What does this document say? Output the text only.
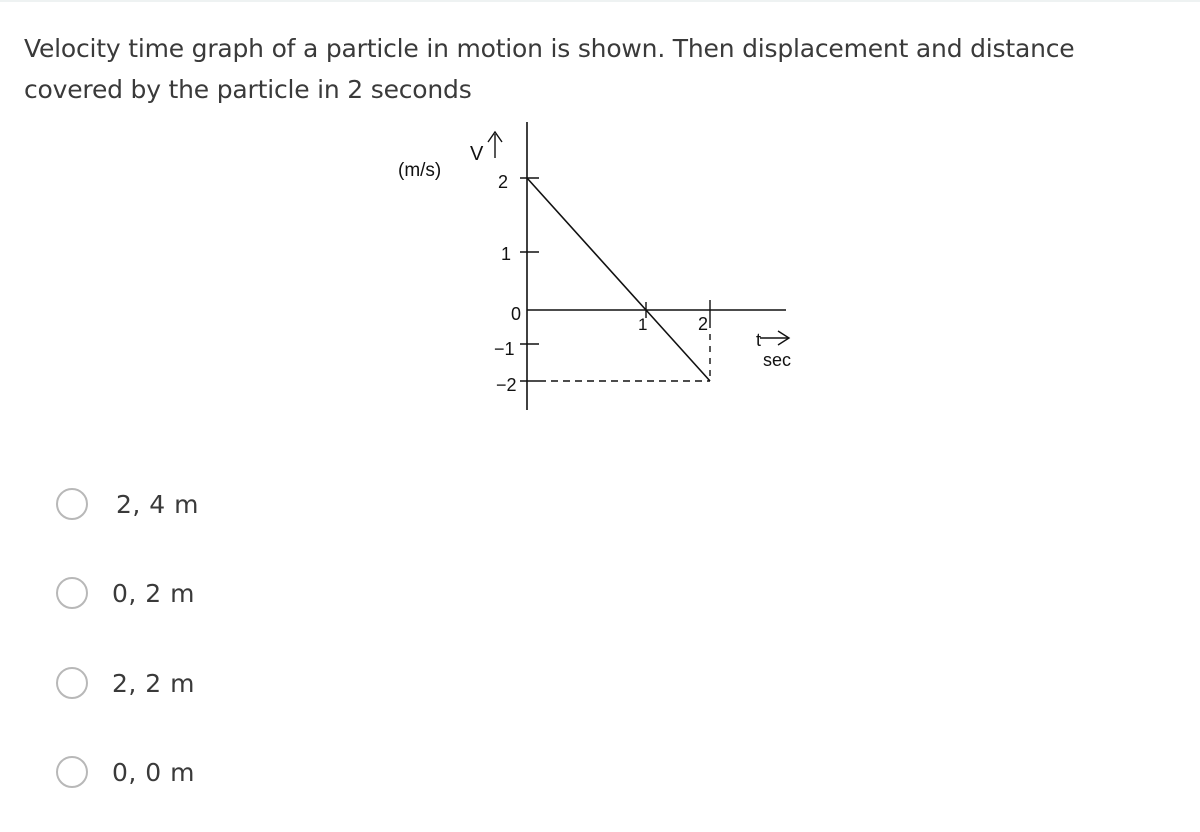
Velocity time graph of a particle in motion is shown. Then displacement and distance covered by the particle in 2 seconds
V
(m/s)
2
1
0
−1
−2
1	2
t
sec
2, 4 m
0, 2 m
2, 2 m
0, 0 m
